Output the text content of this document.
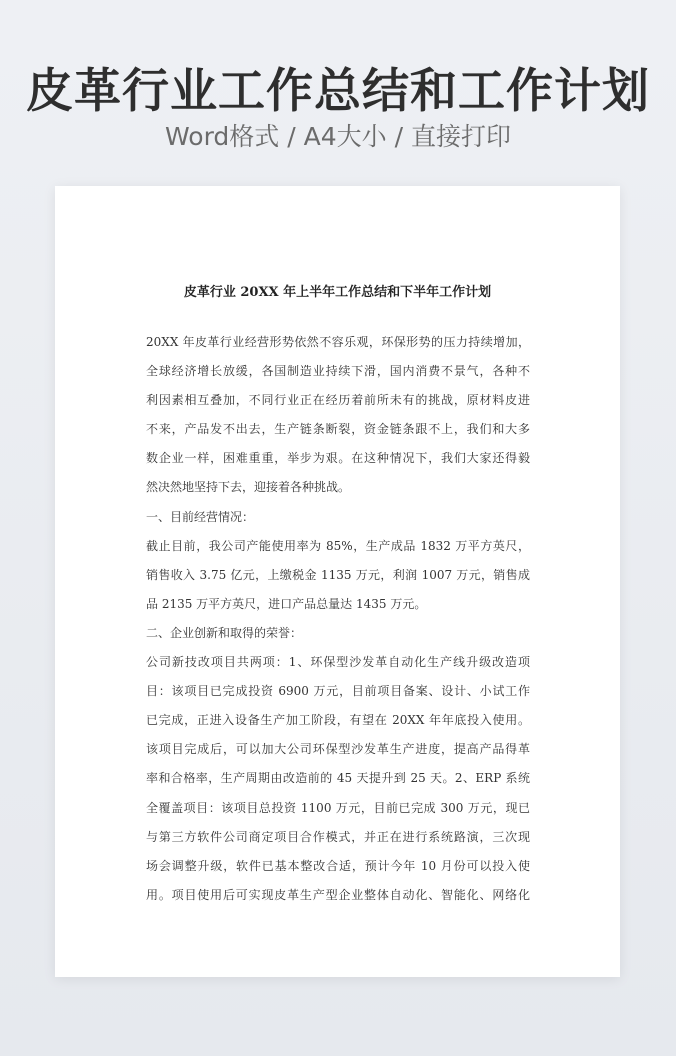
皮革行业工作总结和工作计划
Word格式 / A4大小 / 直接打印
皮革行业 20XX 年上半年工作总结和下半年工作计划
20XX 年皮革行业经营形势依然不容乐观，环保形势的压力持续增加，
全球经济增长放缓，各国制造业持续下滑，国内消费不景气，各种不
利因素相互叠加，不同行业正在经历着前所未有的挑战，原材料皮进
不来，产品发不出去，生产链条断裂，资金链条跟不上，我们和大多
数企业一样，困难重重，举步为艰。在这种情况下，我们大家还得毅
然决然地坚持下去，迎接着各种挑战。
一、目前经营情况：
截止目前，我公司产能使用率为 85%，生产成品 1832 万平方英尺，
销售收入 3.75 亿元，上缴税金 1135 万元，利润 1007 万元，销售成
品 2135 万平方英尺，进口产品总量达 1435 万元。
二、企业创新和取得的荣誉：
公司新技改项目共两项：1、环保型沙发革自动化生产线升级改造项
目：该项目已完成投资 6900 万元，目前项目备案、设计、小试工作
已完成，正进入设备生产加工阶段，有望在 20XX 年年底投入使用。
该项目完成后，可以加大公司环保型沙发革生产进度，提高产品得革
率和合格率，生产周期由改造前的 45 天提升到 25 天。2、ERP 系统
全覆盖项目：该项目总投资 1100 万元，目前已完成 300 万元，现已
与第三方软件公司商定项目合作模式，并正在进行系统路演，三次现
场会调整升级，软件已基本整改合适，预计今年 10 月份可以投入使
用。项目使用后可实现皮革生产型企业整体自动化、智能化、网络化
